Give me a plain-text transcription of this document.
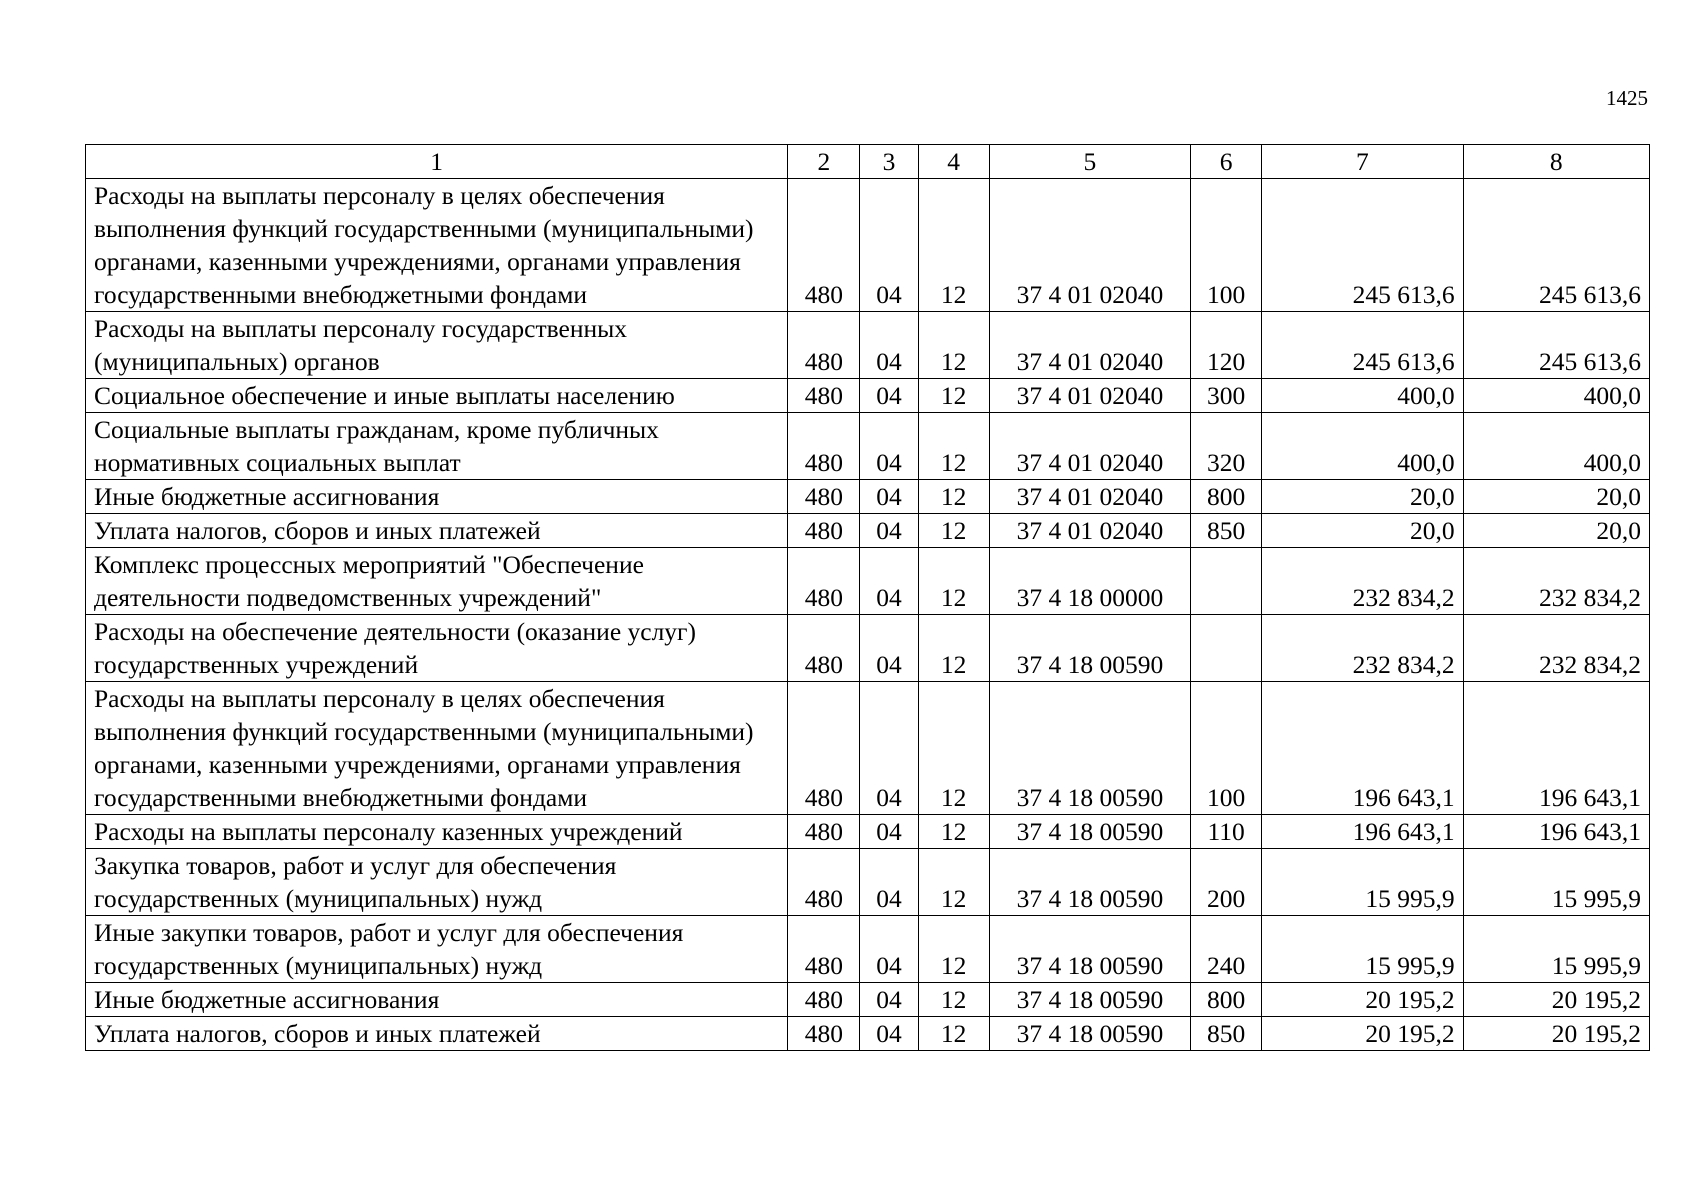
1425
1	2	3	4	5	6	7	8
Расходы на выплаты персоналу в целях обеспечения выполнения функций государственными (муниципальными) органами, казенными учреждениями, органами управления государственными внебюджетными фондами	480	04	12	37 4 01 02040	100	245 613,6	245 613,6
Расходы на выплаты персоналу государственных (муниципальных) органов	480	04	12	37 4 01 02040	120	245 613,6	245 613,6
Социальное обеспечение и иные выплаты населению	480	04	12	37 4 01 02040	300	400,0	400,0
Социальные выплаты гражданам, кроме публичных нормативных социальных выплат	480	04	12	37 4 01 02040	320	400,0	400,0
Иные бюджетные ассигнования	480	04	12	37 4 01 02040	800	20,0	20,0
Уплата налогов, сборов и иных платежей	480	04	12	37 4 01 02040	850	20,0	20,0
Комплекс процессных мероприятий "Обеспечение деятельности подведомственных учреждений"	480	04	12	37 4 18 00000		232 834,2	232 834,2
Расходы на обеспечение деятельности (оказание услуг) государственных учреждений	480	04	12	37 4 18 00590		232 834,2	232 834,2
Расходы на выплаты персоналу в целях обеспечения выполнения функций государственными (муниципальными) органами, казенными учреждениями, органами управления государственными внебюджетными фондами	480	04	12	37 4 18 00590	100	196 643,1	196 643,1
Расходы на выплаты персоналу казенных учреждений	480	04	12	37 4 18 00590	110	196 643,1	196 643,1
Закупка товаров, работ и услуг для обеспечения государственных (муниципальных) нужд	480	04	12	37 4 18 00590	200	15 995,9	15 995,9
Иные закупки товаров, работ и услуг для обеспечения государственных (муниципальных) нужд	480	04	12	37 4 18 00590	240	15 995,9	15 995,9
Иные бюджетные ассигнования	480	04	12	37 4 18 00590	800	20 195,2	20 195,2
Уплата налогов, сборов и иных платежей	480	04	12	37 4 18 00590	850	20 195,2	20 195,2
